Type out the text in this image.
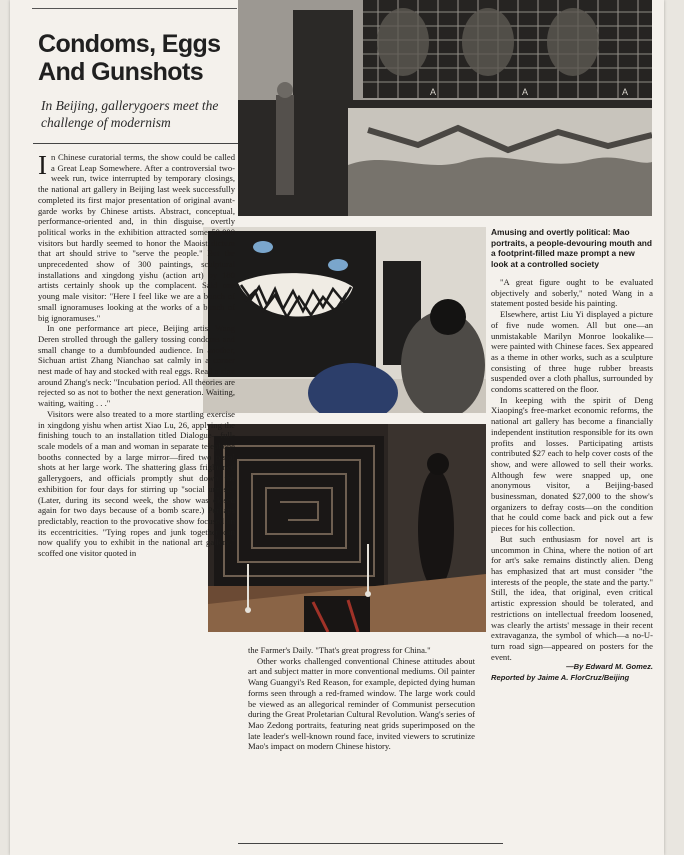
Condoms, Eggs And Gunshots
In Beijing, gallerygoers meet the challenge of modernism
A	A	A
Amusing and overtly political: Mao portraits, a people-devouring mouth and a footprint-filled maze prompt a new look at a controlled society

In Chinese curatorial terms, the show could be called a Great Leap Somewhere. After a controversial two-week run, twice interrupted by temporary closings, the national art gallery in Beijing last week successfully completed its first major presentation of original avant-garde works by Chinese artists. Abstract, conceptual, performance-oriented and, in thin disguise, overtly political works in the exhibition attracted some 50,000 visitors but hardly seemed to honor the Maoist dictum that art should strive to "serve the people." But the unprecedented show of 300 paintings, sculptural installations and xingdong yishu (action art) by 180 artists certainly shook up the complacent. Said one young male visitor: "Here I feel like we are a bunch of small ignoramuses looking at the works of a bunch of big ignoramuses."

In one performance art piece, Beijing artist Wang Deren strolled through the gallery tossing condoms and small change to a dumbfounded audience. In another, Sichuan artist Zhang Nianchao sat calmly in a corner nest made of hay and stocked with real eggs. Read a sign around Zhang's neck: "Incubation period. All theories are rejected so as not to bother the next generation. Waiting, waiting, waiting . . ."

Visitors were also treated to a more startling exercise in xingdong yishu when artist Xiao Lu, 26, applying the finishing touch to an installation titled Dialogue—full-scale models of a man and woman in separate telephone booths connected by a large mirror—fired two pistol shots at her large work. The shattering glass frightened gallerygoers, and officials promptly shut down the exhibition for four days for stirring up "social unrest." (Later, during its second week, the show was closed again for two days because of a bomb scare.) Perhaps predictably, reaction to the provocative show focused on its eccentricities. "Tying ropes and junk together can now qualify you to exhibit in the national art gallery," scoffed one visitor quoted in

the Farmer's Daily. "That's great progress for China."

Other works challenged conventional Chinese attitudes about art and subject matter in more conventional mediums. Oil painter Wang Guangyi's Red Reason, for example, depicted dying human forms seen through a red-framed window. The large work could be viewed as an allegorical reminder of Communist persecution during the Great Proletarian Cultural Revolution. Wang's series of Mao Zedong portraits, featuring neat grids superimposed on the late leader's well-known round face, invited viewers to scrutinize Mao's impact on modern Chinese history.

"A great figure ought to be evaluated objectively and soberly," noted Wang in a statement posted beside his painting.

Elsewhere, artist Liu Yi displayed a picture of five nude women. All but one—an unmistakable Marilyn Monroe lookalike—were painted with Chinese faces. Sex appeared as a theme in other works, such as a sculpture consisting of three huge rubber breasts suspended over a cloth phallus, surrounded by condoms scattered on the floor.

In keeping with the spirit of Deng Xiaoping's free-market economic reforms, the national art gallery has become a financially independent institution responsible for its own profits and losses. Participating artists contributed $27 each to help cover costs of the show, and were allowed to sell their works. Although few were snapped up, one anonymous visitor, a Beijing-based businessman, donated $27,000 to the show's organizers to defray costs—on the condition that he could come back and pick out a few pieces for his collection.

But such enthusiasm for novel art is uncommon in China, where the notion of art for art's sake remains distinctly alien. Deng has emphasized that art must consider "the interests of the people, the state and the party." Still, the idea, that original, even critical artistic expression should be tolerated, and restrictions on intellectual freedom loosened, was clearly the artists' message in their recent extravaganza, the symbol of which—a no-U-turn road sign—appeared on posters for the event.

—By Edward M. Gomez.
Reported by Jaime A. FlorCruz/Beijing
